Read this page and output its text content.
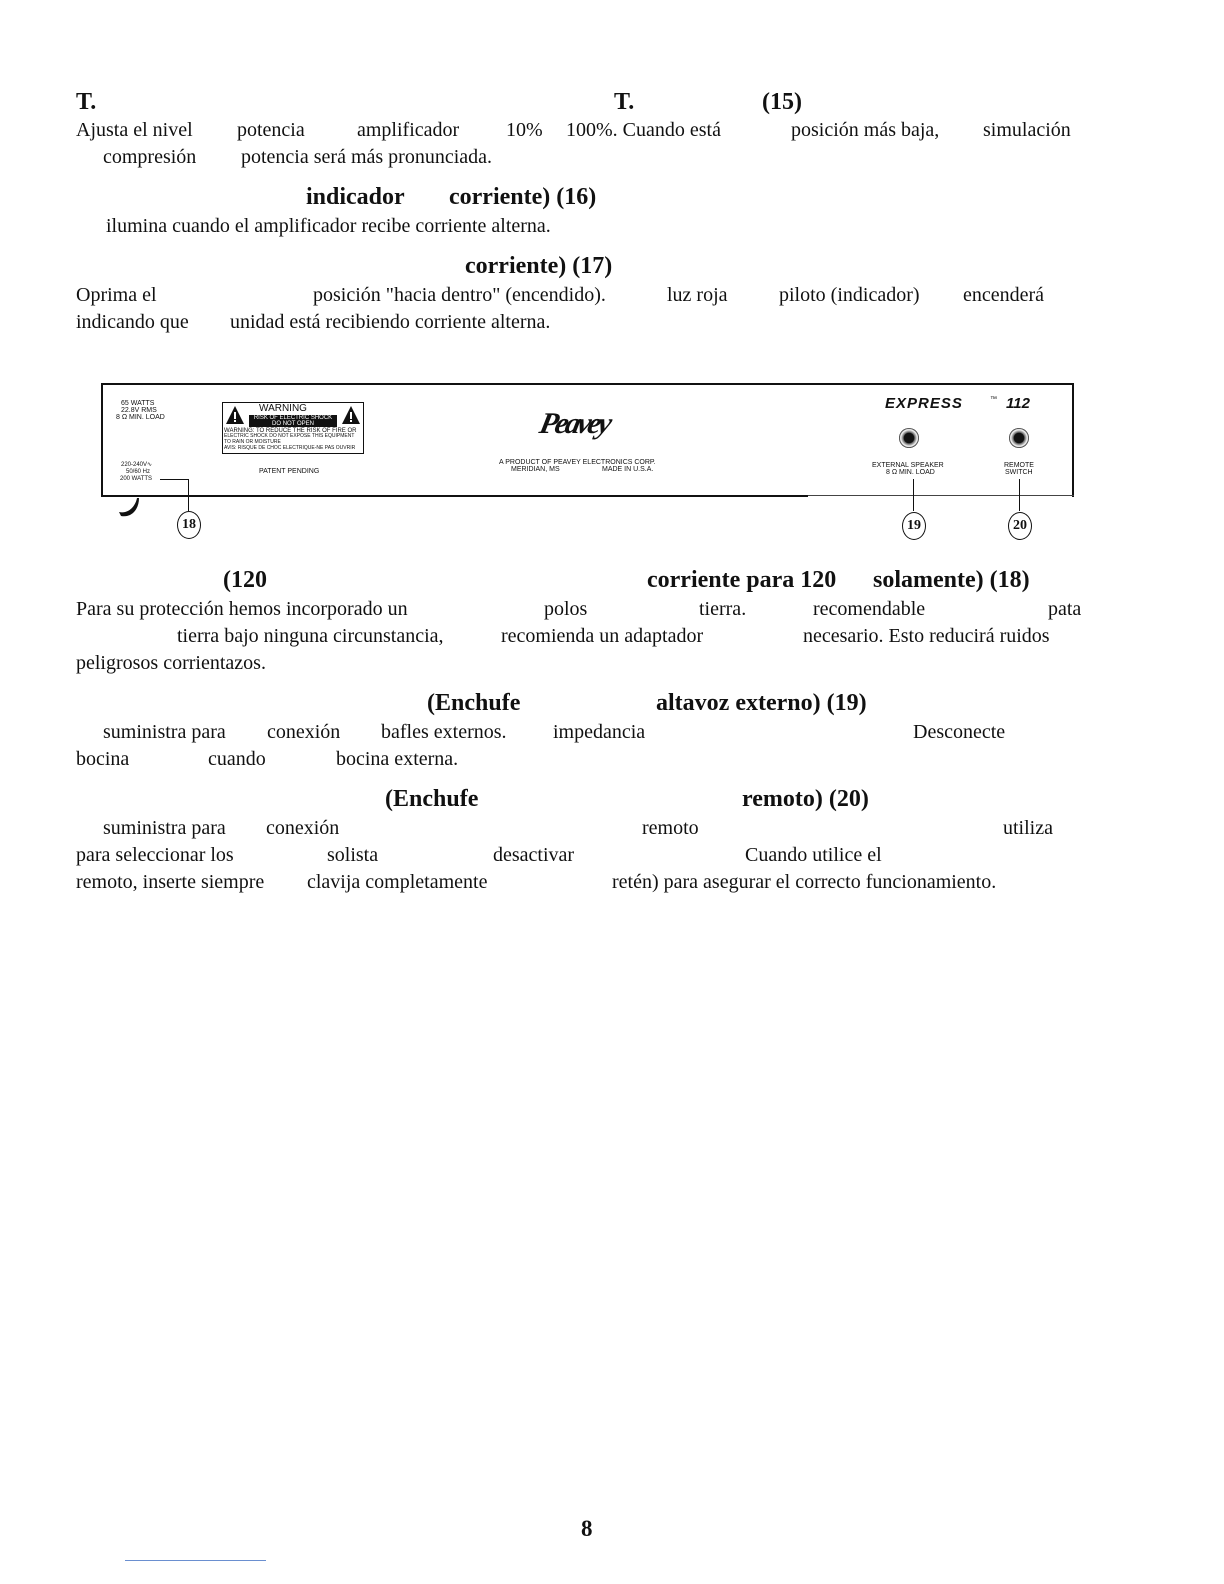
T.	T.	(15)
Ajusta el nivel potencia	amplificador 10% 100%. Cuando está	posición más baja, simulación
compresión potencia será más pronunciada.
indicador corriente) (16)
ilumina cuando el amplificador recibe corriente alterna.
corriente) (17)
Oprima el	posición "hacia dentro" (encendido).	luz roja	piloto (indicador) encenderá
indicando que unidad está recibiendo corriente alterna.
65 WATTS
22.8V RMS
8 Ω MIN. LOAD
WARNING
RISK OF ELECTRIC SHOCK
DO NOT OPEN
WARNING: TO REDUCE THE RISK OF FIRE OR
ELECTRIC SHOCK DO NOT EXPOSE THIS EQUIPMENT
TO RAIN OR MOISTURE
AVIS: RISQUE DE CHOC ELECTRIQUE-NE PAS OUVRIR
PATENT PENDING
220-240V∿
50/60 Hz
200 WATTS
Peavey
A PRODUCT OF PEAVEY ELECTRONICS CORP.
MERIDIAN, MS	MADE IN U.S.A.
EXPRESS	™ 112
EXTERNAL SPEAKER
8 Ω MIN. LOAD
REMOTE
SWITCH
18	19	20
(120	corriente para 120 solamente) (18)
Para su protección hemos incorporado un	polos	tierra.	recomendable	pata
tierra bajo ninguna circunstancia,	recomienda un adaptador	necesario. Esto reducirá ruidos
peligrosos corrientazos.
(Enchufe	altavoz externo) (19)
suministra para conexión bafles externos. impedancia	Desconecte
bocina	cuando	bocina externa.
(Enchufe	remoto) (20)
suministra para conexión	remoto	utiliza
para seleccionar los	solista	desactivar	Cuando utilice el
remoto, inserte siempre clavija completamente	retén) para asegurar el correcto funcionamiento.
8
